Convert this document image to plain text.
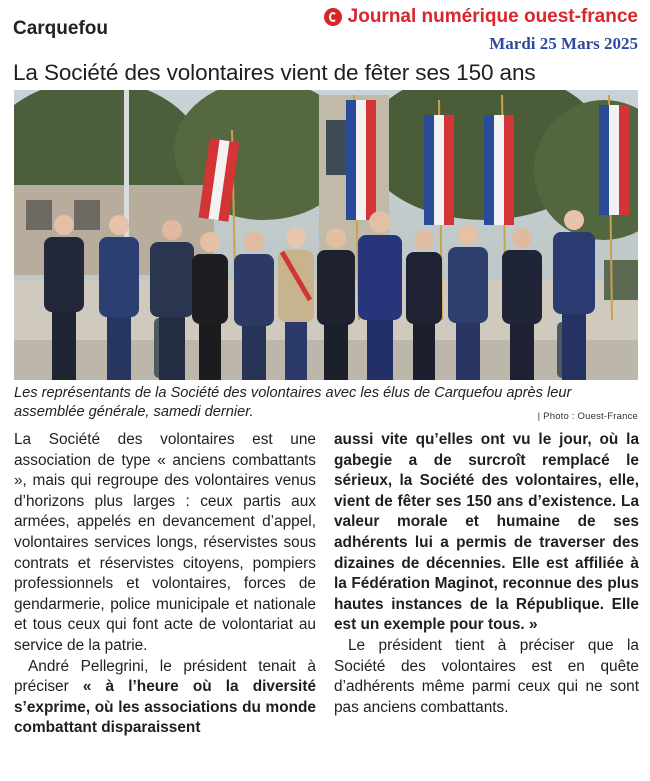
Carquefou
Journal numérique ouest-france
Mardi 25 Mars 2025
La Société des volontaires vient de fêter ses 150 ans
Les représentants de la Société des volontaires avec les élus de Carquefou après leur assemblée générale, samedi dernier.	| Photo : Ouest-France

La Société des volontaires est une association de type « anciens combattants », mais qui regroupe des volontaires venus d’horizons plus larges : ceux partis aux armées, appelés en devancement d’appel, volontaires services longs, réservistes sous contrats et réservistes citoyens, pompiers professionnels et volontaires, forces de gendarmerie, police municipale et nationale et tous ceux qui font acte de volontariat au service de la patrie.

André Pellegrini, le président tenait à préciser « à l’heure où la diversité s’exprime, où les associations du monde combattant disparaissent

aussi vite qu’elles ont vu le jour, où la gabegie a de surcroît remplacé le sérieux, la Société des volontaires, elle, vient de fêter ses 150 ans d’existence. La valeur morale et humaine de ses adhérents lui a permis de traverser des dizaines de décennies. Elle est affiliée à la Fédération Maginot, reconnue des plus hautes instances de la République. Elle est un exemple pour tous. »

Le président tient à préciser que la Société des volontaires est en quête d’adhérents même parmi ceux qui ne sont pas anciens combattants.
